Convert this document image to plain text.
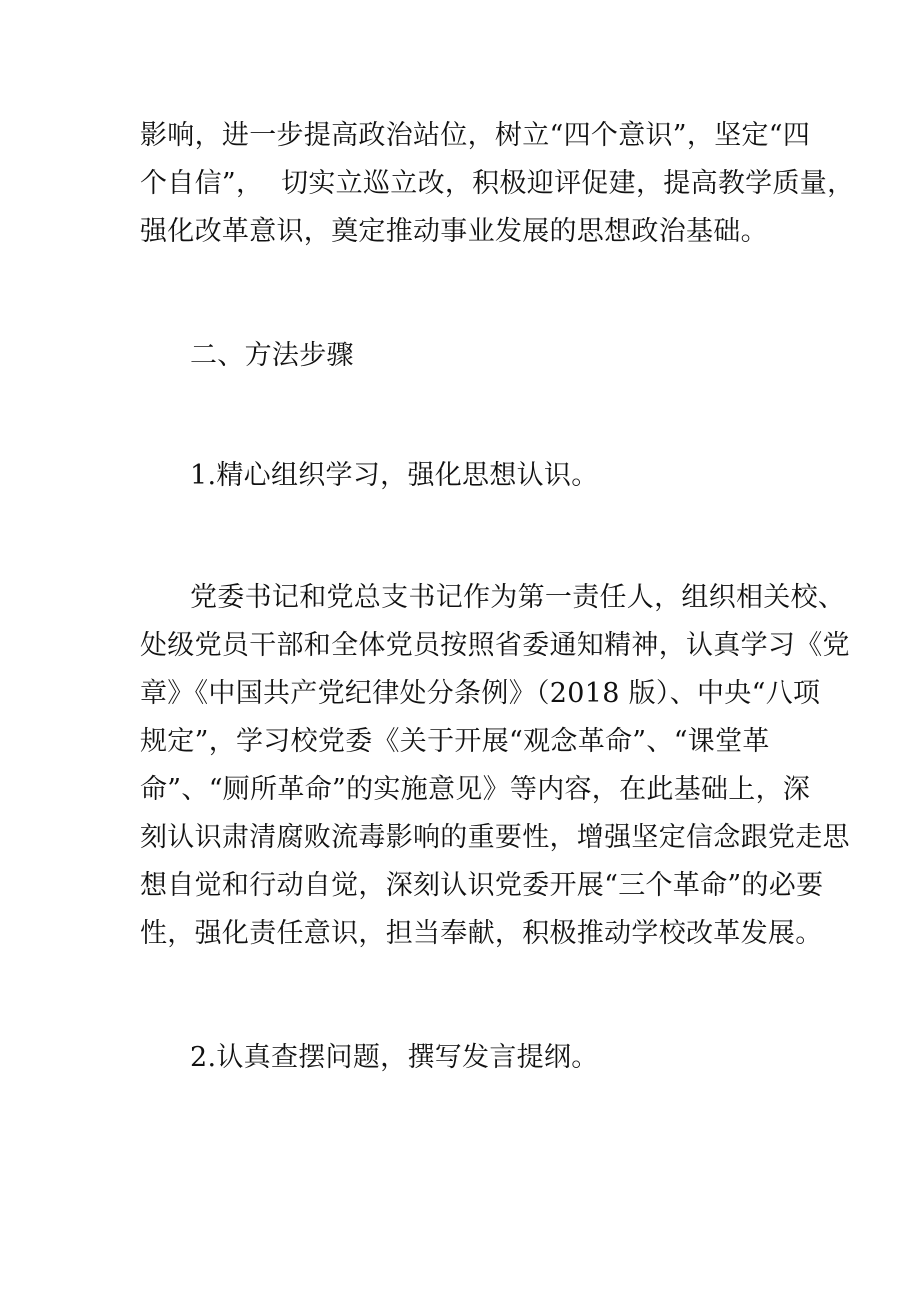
影响，进一步提高政治站位，树立“四个意识”，坚定“四
个自信”，  切实立巡立改，积极迎评促建，提高教学质量，
强化改革意识，奠定推动事业发展的思想政治基础。
二、方法步骤
1.精心组织学习，强化思想认识。
党委书记和党总支书记作为第一责任人，组织相关校、
处级党员干部和全体党员按照省委通知精神，认真学习《党
章》《中国共产党纪律处分条例》（2018 版）、中央“八项
规定”，学习校党委《关于开展“观念革命”、“课堂革
命”、“厕所革命”的实施意见》等内容，在此基础上，深
刻认识肃清腐败流毒影响的重要性，增强坚定信念跟党走思
想自觉和行动自觉，深刻认识党委开展“三个革命”的必要
性，强化责任意识，担当奉献，积极推动学校改革发展。
2.认真查摆问题，撰写发言提纲。
